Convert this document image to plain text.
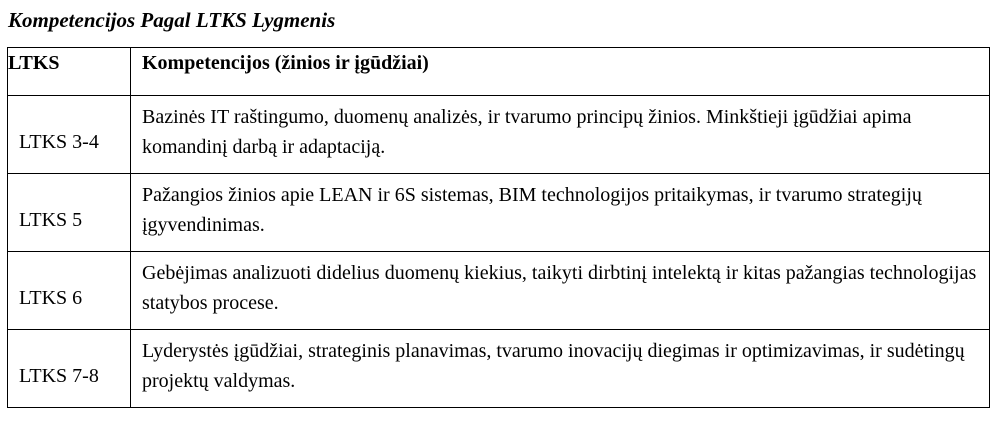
Kompetencijos Pagal LTKS Lygmenis
LTKS	Kompetencijos (žinios ir įgūdžiai)
LTKS 3-4	Bazinės IT raštingumo, duomenų analizės, ir tvarumo principų žinios. Minkštieji įgūdžiai apima komandinį darbą ir adaptaciją.
LTKS 5	Pažangios žinios apie LEAN ir 6S sistemas, BIM technologijos pritaikymas, ir tvarumo strategijų įgyvendinimas.
LTKS 6	Gebėjimas analizuoti didelius duomenų kiekius, taikyti dirbtinį intelektą ir kitas pažangias technologijas statybos procese.
LTKS 7-8	Lyderystės įgūdžiai, strateginis planavimas, tvarumo inovacijų diegimas ir optimizavimas, ir sudėtingų projektų valdymas.
